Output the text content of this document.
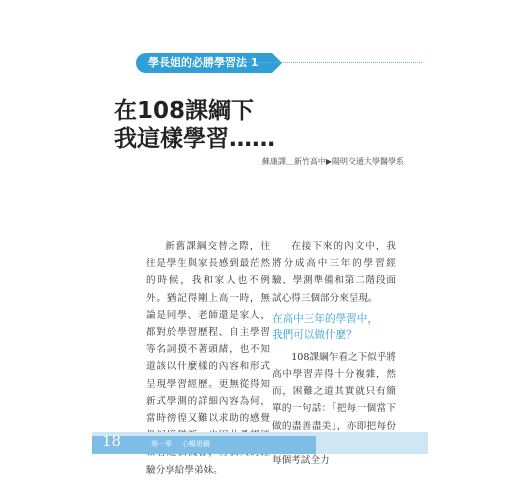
學長姐的必勝學習法 1
在108課綱下
我這樣學習……
蘇康譯＿新竹高中▶陽明交通大學醫學系

新舊課綱交替之際，往往是學生與家長感到最茫然的時候，我和家人也不例外。猶記得剛上高一時，無論是同學、老師還是家人，都對於學習歷程、自主學習等名詞摸不著頭緒，也不知道該以什麼樣的內容和形式呈現學習經歷。更無從得知新式學測的詳細內容為何，當時徬徨又難以求助的感覺 驗分享給學弟妹。

在接下來的內文中，我將分成高中三年的學習經驗、學測準備和第二階段面試心得三個部分來呈現。

在高中三年的學習中，
我們可以做什麼？

108課綱乍看之下似乎將高中學習弄得十分複雜，然而，困難之道其實就只有簡單的一句話：「把每一個當下做的盡善盡美」，亦即把每份 每個考試全力

18	第一章 心暢思鏡
